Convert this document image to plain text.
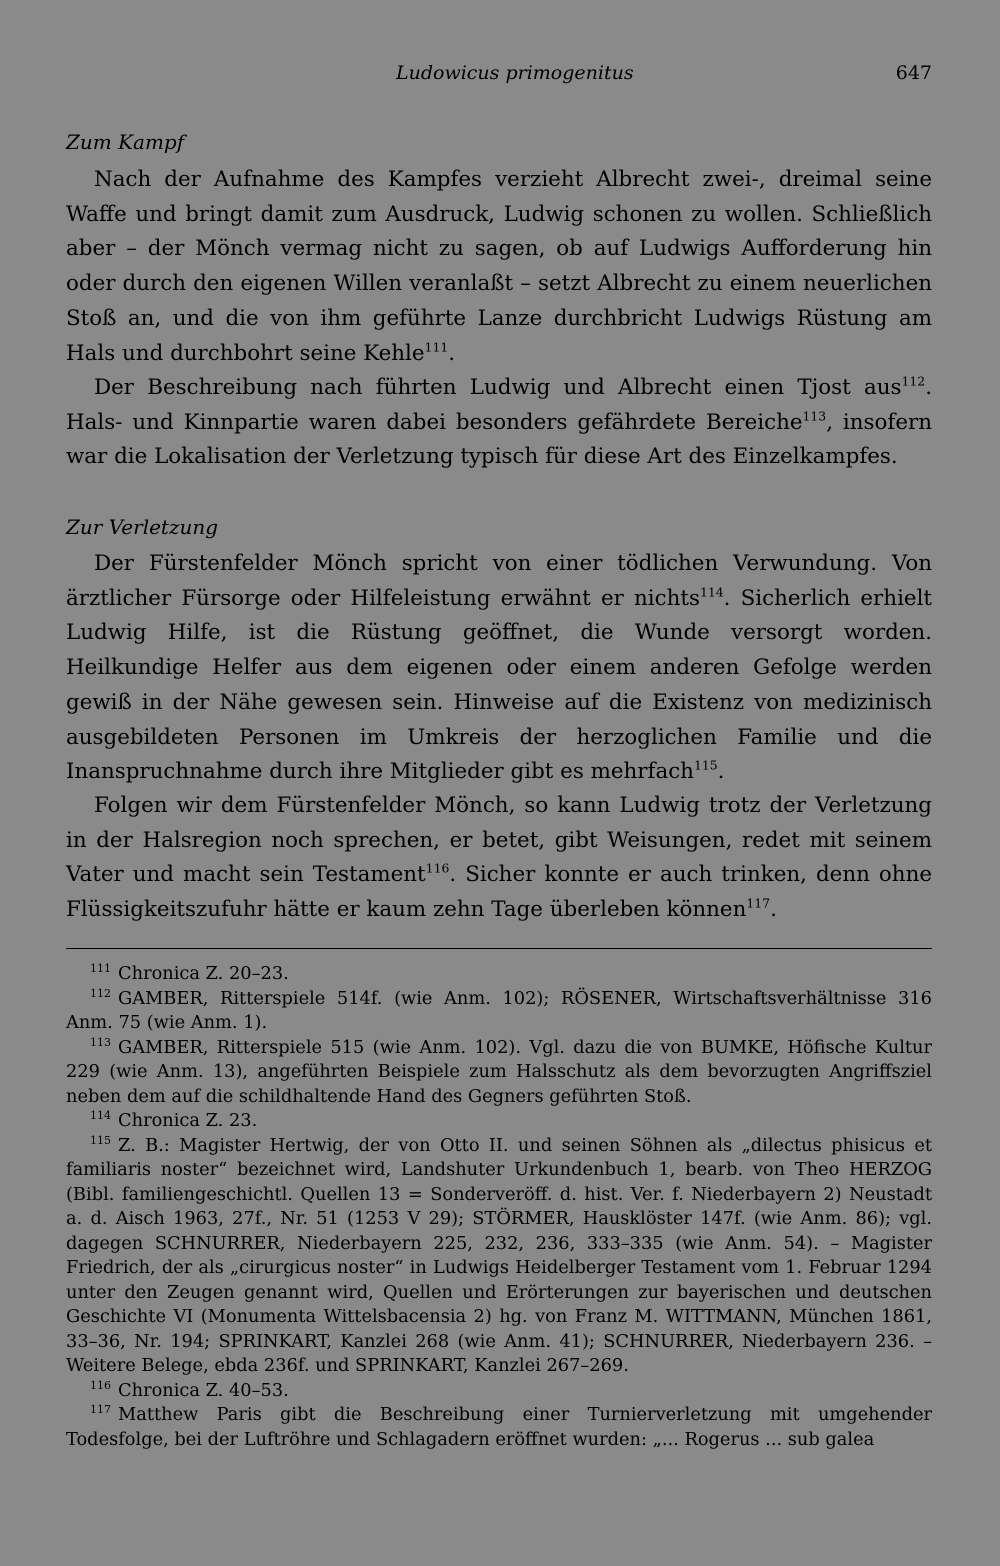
Ludowicus primogenitus	647
Zum Kampf

Nach der Aufnahme des Kampfes verzieht Albrecht zwei-, dreimal seine Waffe und bringt damit zum Ausdruck, Ludwig schonen zu wollen. Schließlich aber – der Mönch vermag nicht zu sagen, ob auf Ludwigs Aufforderung hin oder durch den eigenen Willen veranlaßt – setzt Albrecht zu einem neuerlichen Stoß an, und die von ihm geführte Lanze durchbricht Ludwigs Rüstung am Hals und durchbohrt seine Kehle$^{111}$.

Der Beschreibung nach führten Ludwig und Albrecht einen Tjost aus$^{112}$. Hals- und Kinnpartie waren dabei besonders gefährdete Bereiche$^{113}$, insofern war die Lokalisation der Verletzung typisch für diese Art des Einzelkampfes.

Zur Verletzung

Der Fürstenfelder Mönch spricht von einer tödlichen Verwundung. Von ärztlicher Fürsorge oder Hilfeleistung erwähnt er nichts$^{114}$. Sicherlich erhielt Ludwig Hilfe, ist die Rüstung geöffnet, die Wunde versorgt worden. Heilkundige Helfer aus dem eigenen oder einem anderen Gefolge werden gewiß in der Nähe gewesen sein. Hinweise auf die Existenz von medizinisch ausgebildeten Personen im Umkreis der herzoglichen Familie und die Inanspruchnahme durch ihre Mitglieder gibt es mehrfach$^{115}$.

Folgen wir dem Fürstenfelder Mönch, so kann Ludwig trotz der Verletzung in der Halsregion noch sprechen, er betet, gibt Weisungen, redet mit seinem Vater und macht sein Testament$^{116}$. Sicher konnte er auch trinken, denn ohne Flüssigkeitszufuhr hätte er kaum zehn Tage überleben können$^{117}$.

$^{111}$ Chronica Z. 20–23.

$^{112}$ GAMBER, Ritterspiele 514f. (wie Anm. 102); RÖSENER, Wirtschaftsverhältnisse 316 Anm. 75 (wie Anm. 1).

$^{113}$ GAMBER, Ritterspiele 515 (wie Anm. 102). Vgl. dazu die von BUMKE, Höfische Kultur 229 (wie Anm. 13), angeführten Beispiele zum Halsschutz als dem bevorzugten Angriffsziel neben dem auf die schildhaltende Hand des Gegners geführten Stoß.

$^{114}$ Chronica Z. 23.

$^{115}$ Z. B.: Magister Hertwig, der von Otto II. und seinen Söhnen als „dilectus phisicus et familiaris noster“ bezeichnet wird, Landshuter Urkundenbuch 1, bearb. von Theo HERZOG (Bibl. familiengeschichtl. Quellen 13 = Sonderveröff. d. hist. Ver. f. Niederbayern 2) Neustadt a. d. Aisch 1963, 27f., Nr. 51 (1253 V 29); STÖRMER, Hausklöster 147f. (wie Anm. 86); vgl. dagegen SCHNURRER, Niederbayern 225, 232, 236, 333–335 (wie Anm. 54). – Magister Friedrich, der als „cirurgicus noster“ in Ludwigs Heidelberger Testament vom 1. Februar 1294 unter den Zeugen genannt wird, Quellen und Erörterungen zur bayerischen und deutschen Geschichte VI (Monumenta Wittelsbacensia 2) hg. von Franz M. WITTMANN, München 1861, 33–36, Nr. 194; SPRINKART, Kanzlei 268 (wie Anm. 41); SCHNURRER, Niederbayern 236. – Weitere Belege, ebda 236f. und SPRINKART, Kanzlei 267–269.

$^{116}$ Chronica Z. 40–53.

$^{117}$ Matthew Paris gibt die Beschreibung einer Turnierverletzung mit umgehender Todesfolge, bei der Luftröhre und Schlagadern eröffnet wurden: „... Rogerus ... sub galea
